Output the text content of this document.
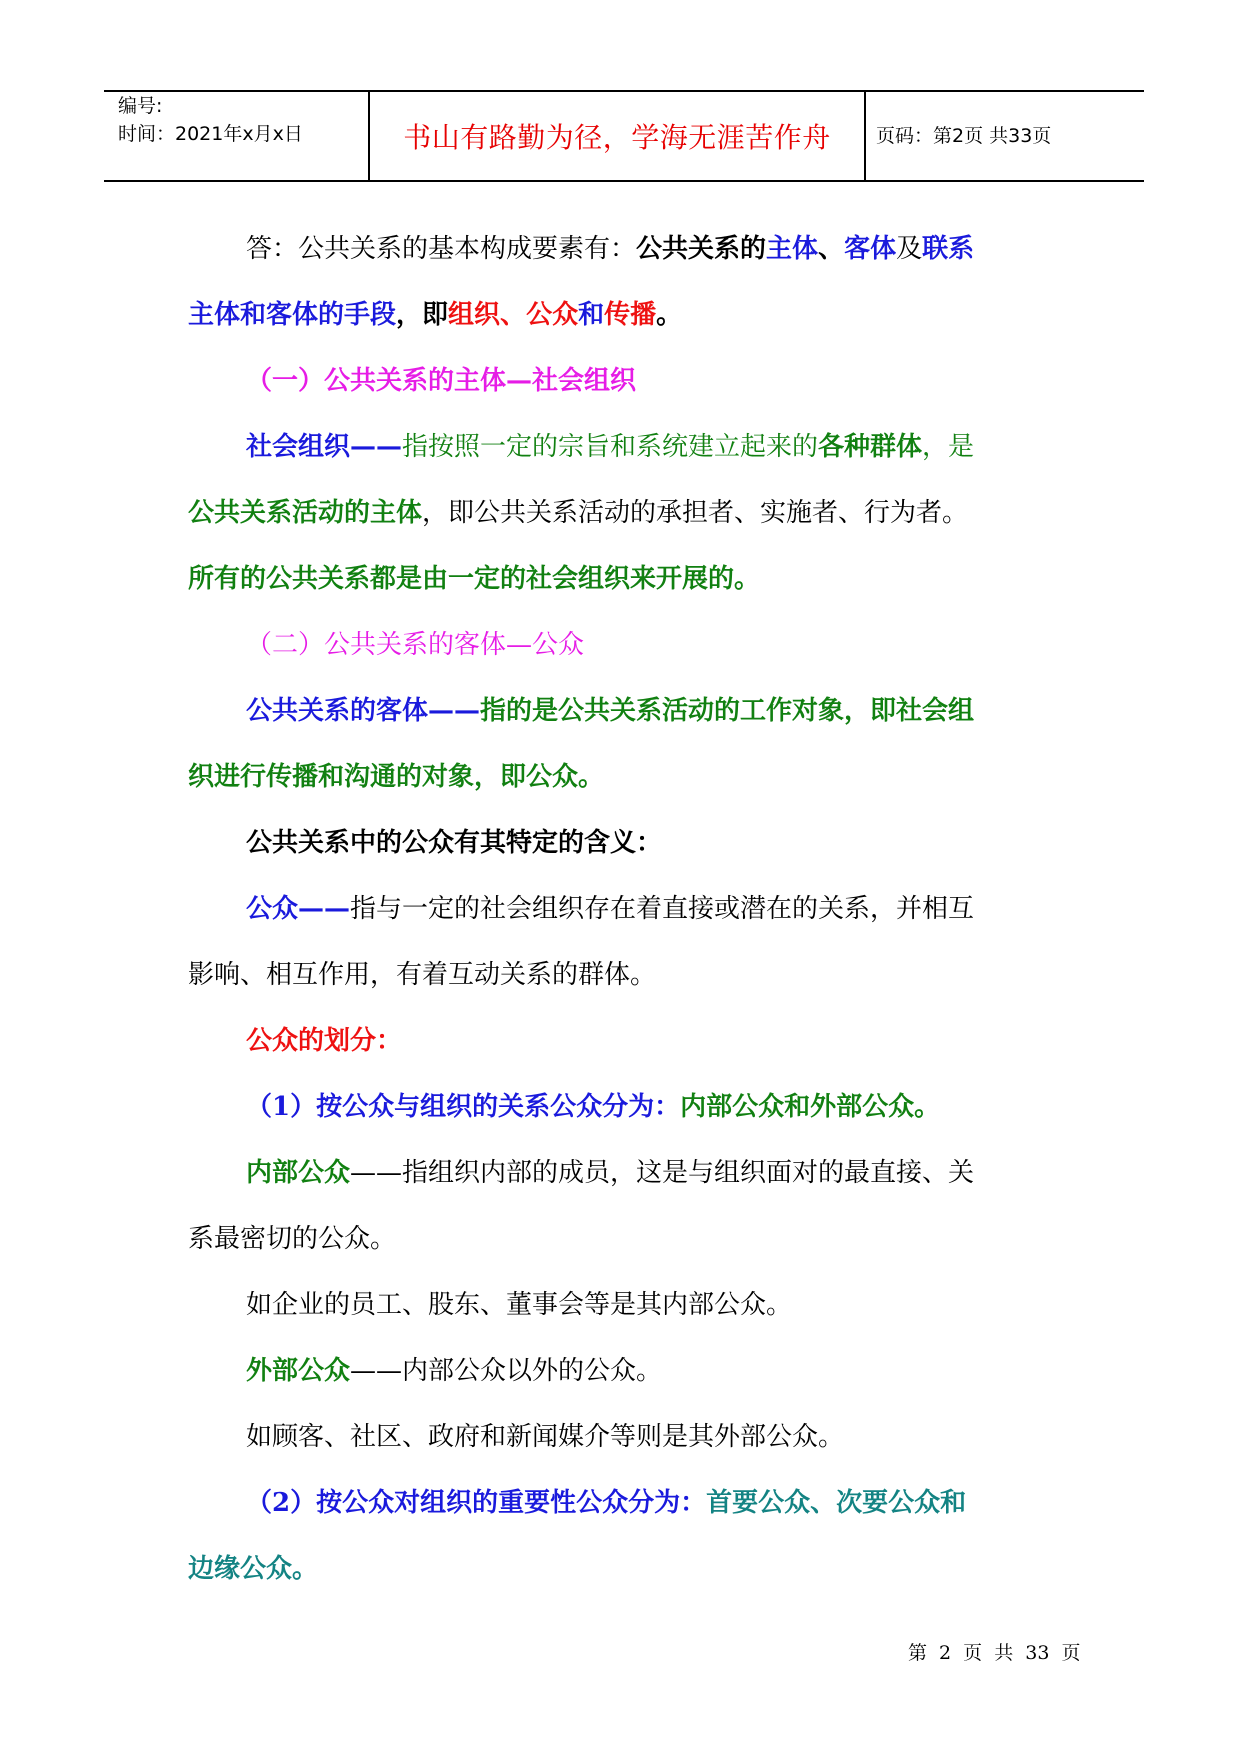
编号:
时间：2021年x月x日	书山有路勤为径，学海无涯苦作舟 页码：第2页 共33页

答：公共关系的基本构成要素有：公共关系的主体、客体及联系

主体和客体的手段，即组织、公众和传播。

（一）公共关系的主体—社会组织

社会组织——指按照一定的宗旨和系统建立起来的各种群体，是

公共关系活动的主体，即公共关系活动的承担者、实施者、行为者。

所有的公共关系都是由一定的社会组织来开展的。

（二）公共关系的客体—公众

公共关系的客体——指的是公共关系活动的工作对象，即社会组

织进行传播和沟通的对象，即公众。

公共关系中的公众有其特定的含义：

公众——指与一定的社会组织存在着直接或潜在的关系，并相互

影响、相互作用，有着互动关系的群体。

公众的划分：

（1）按公众与组织的关系公众分为：内部公众和外部公众。

内部公众——指组织内部的成员，这是与组织面对的最直接、关

系最密切的公众。

如企业的员工、股东、董事会等是其内部公众。

外部公众——内部公众以外的公众。

如顾客、社区、政府和新闻媒介等则是其外部公众。

（2）按公众对组织的重要性公众分为：首要公众、次要公众和

边缘公众。

第 2 页 共 33 页
